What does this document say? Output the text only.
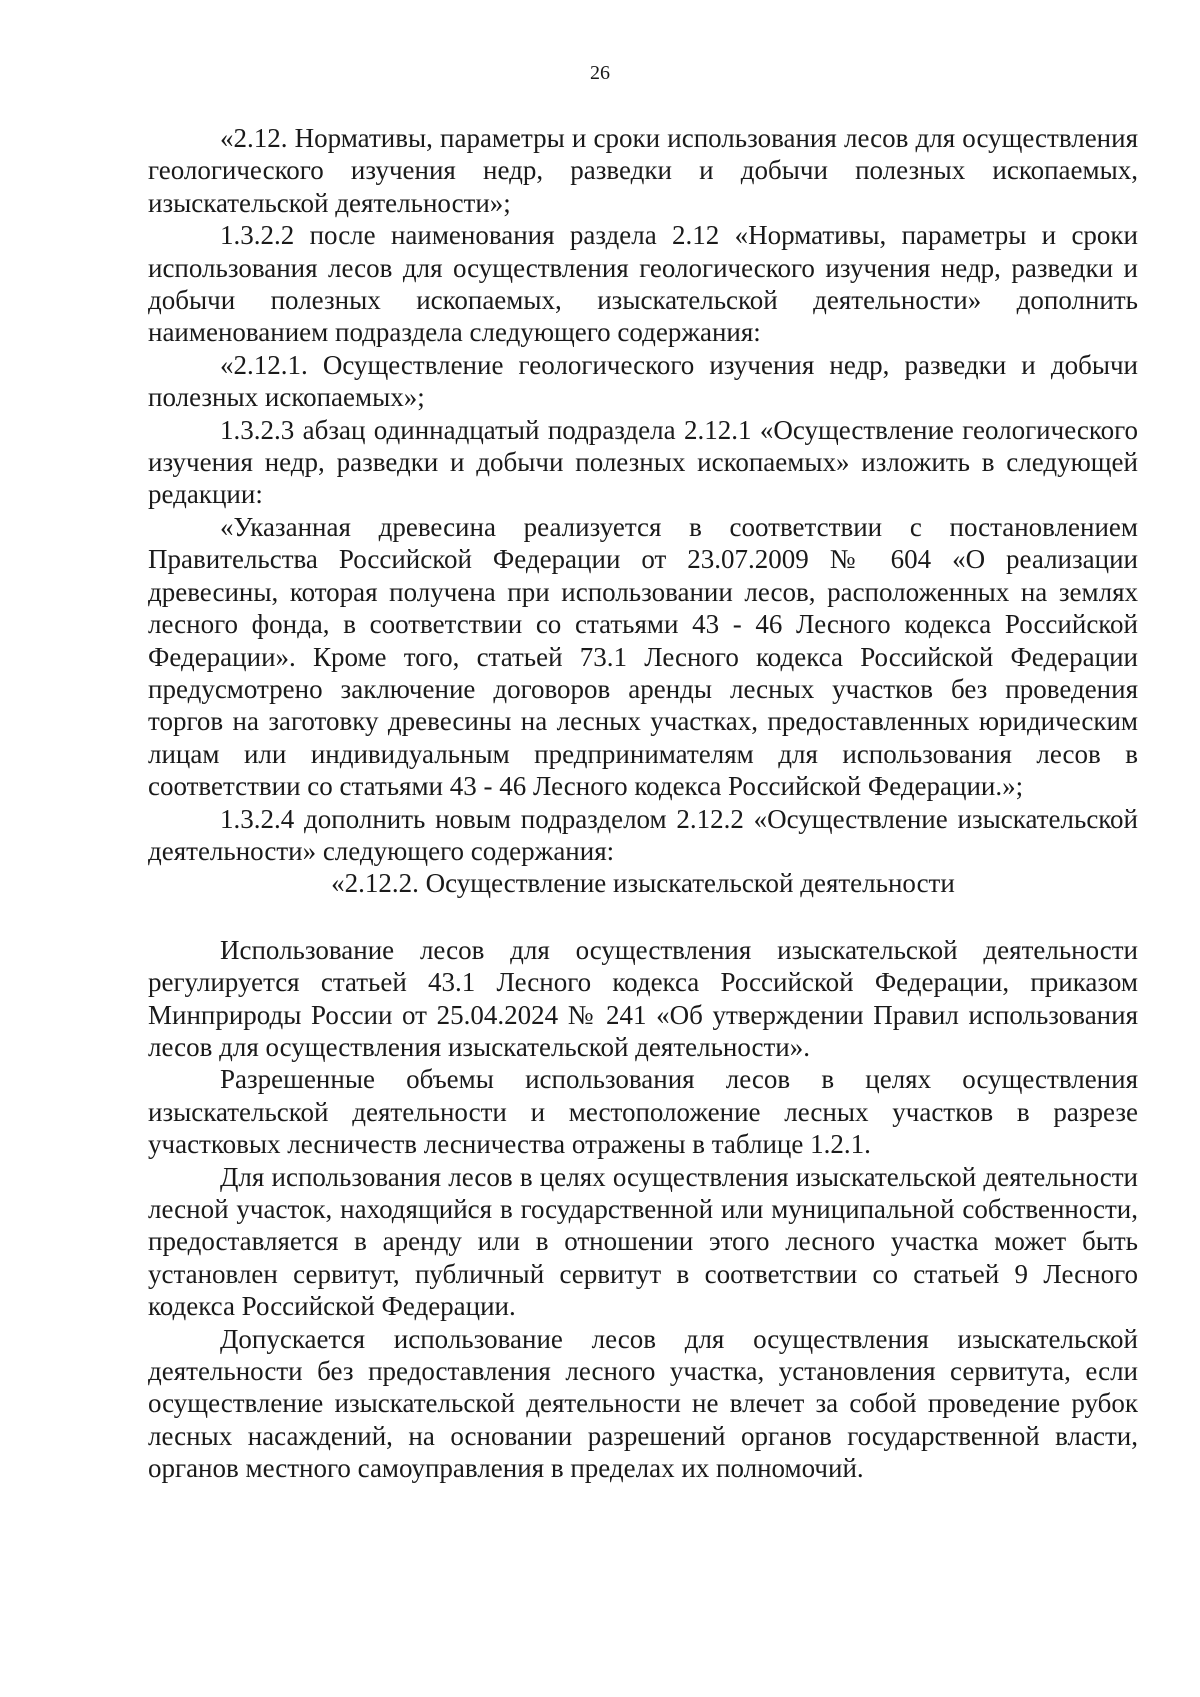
26

«2.12. Нормативы, параметры и сроки использования лесов для осуществления геологического изучения недр, разведки и добычи полезных ископаемых, изыскательской деятельности»;

1.3.2.2 после наименования раздела 2.12 «Нормативы, параметры и сроки использования лесов для осуществления геологического изучения недр, разведки и добычи полезных ископаемых, изыскательской деятельности» дополнить наименованием подраздела следующего содержания:

«2.12.1. Осуществление геологического изучения недр, разведки и добычи полезных ископаемых»;

1.3.2.3 абзац одиннадцатый подраздела 2.12.1 «Осуществление геологического изучения недр, разведки и добычи полезных ископаемых» изложить в следующей редакции:

«Указанная древесина реализуется в соответствии с постановлением Правительства Российской Федерации от 23.07.2009 № 604 «О реализации древесины, которая получена при использовании лесов, расположенных на землях лесного фонда, в соответствии со статьями 43 - 46 Лесного кодекса Российской Федерации». Кроме того, статьей 73.1 Лесного кодекса Российской Федерации предусмотрено заключение договоров аренды лесных участков без проведения торгов на заготовку древесины на лесных участках, предоставленных юридическим лицам или индивидуальным предпринимателям для использования лесов в соответствии со статьями 43 - 46 Лесного кодекса Российской Федерации.»;

1.3.2.4 дополнить новым подразделом 2.12.2 «Осуществление изыскательской деятельности» следующего содержания:

«2.12.2. Осуществление изыскательской деятельности

Использование лесов для осуществления изыскательской деятельности регулируется статьей 43.1 Лесного кодекса Российской Федерации, приказом Минприроды России от 25.04.2024 № 241 «Об утверждении Правил использования лесов для осуществления изыскательской деятельности».

Разрешенные объемы использования лесов в целях осуществления изыскательской деятельности и местоположение лесных участков в разрезе участковых лесничеств лесничества отражены в таблице 1.2.1.

Для использования лесов в целях осуществления изыскательской деятельности лесной участок, находящийся в государственной или муниципальной собственности, предоставляется в аренду или в отношении этого лесного участка может быть установлен сервитут, публичный сервитут в соответствии со статьей 9 Лесного кодекса Российской Федерации.

Допускается использование лесов для осуществления изыскательской деятельности без предоставления лесного участка, установления сервитута, если осуществление изыскательской деятельности не влечет за собой проведение рубок лесных насаждений, на основании разрешений органов государственной власти, органов местного самоуправления в пределах их полномочий.
